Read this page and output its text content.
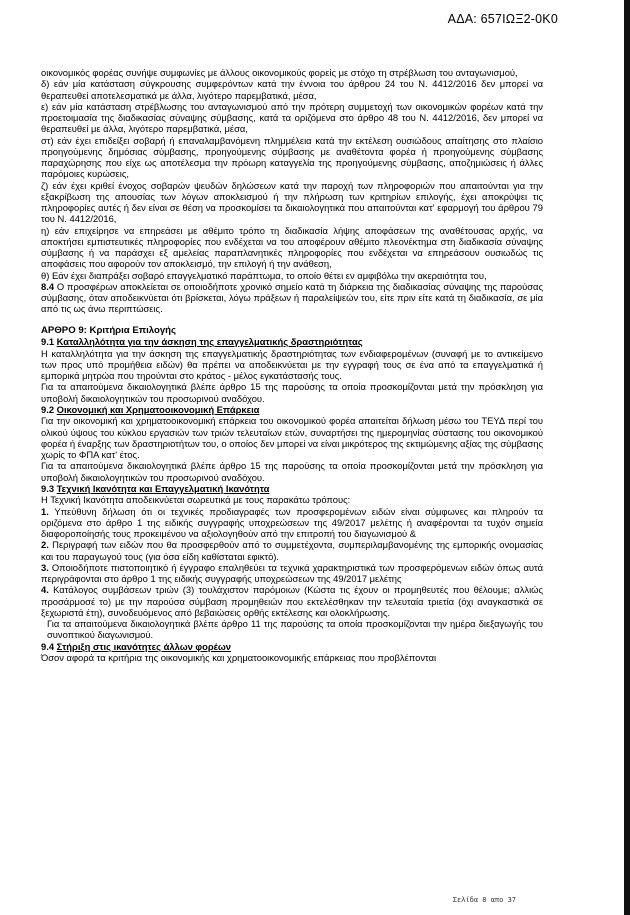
ΑΔΑ: 657ΙΩΞ2-0Κ0

οικονομικός φορέας συνήψε συμφωνίες με άλλους οικονομικούς φορείς με στόχο τη στρέβλωση του ανταγωνισμού,

δ) εάν μία κατάσταση σύγκρουσης συμφερόντων κατά την έννοια του άρθρου 24 του Ν. 4412/2016 δεν μπορεί να θεραπευθεί αποτελεσματικά με άλλα, λιγότερο παρεμβατικά, μέσα,

ε) εάν μία κατάσταση στρέβλωσης του ανταγωνισμού από την πρότερη συμμετοχή των οικονομικών φορέων κατά την προετοιμασία της διαδικασίας σύναψης σύμβασης, κατά τα οριζόμενα στο άρθρο 48 του Ν. 4412/2016, δεν μπορεί να θεραπευθεί με άλλα, λιγότερο παρεμβατικά, μέσα,

στ) εάν έχει επιδείξει σοβαρή ή επαναλαμβανόμενη πλημμέλεια κατά την εκτέλεση ουσιώδους απαίτησης στο πλαίσιο προηγούμενης δημόσιας σύμβασης, προηγούμενης σύμβασης με αναθέτοντα φορέα ή προηγούμενης σύμβασης παραχώρησης που είχε ως αποτέλεσμα την πρόωρη καταγγελία της προηγούμενης σύμβασης, αποζημιώσεις ή άλλες παρόμοιες κυρώσεις,

ζ) εάν έχει κριθεί ένοχος σοβαρών ψευδών δηλώσεων κατά την παροχή των πληροφοριών που απαιτούνται για την εξακρίβωση της απουσίας των λόγων αποκλεισμού ή την πλήρωση των κριτηρίων επιλογής, έχει αποκρύψει τις πληροφορίες αυτές ή δεν είναι σε θέση να προσκομίσει τα δικαιολογητικά που απαιτούνται κατ' εφαρμογή του άρθρου 79 του Ν. 4412/2016,

η) εάν επιχείρησε να επηρεάσει με αθέμιτο τρόπο τη διαδικασία λήψης αποφάσεων της αναθέτουσας αρχής, να αποκτήσει εμπιστευτικές πληροφορίες που ενδέχεται να του αποφέρουν αθέμιτο πλεονέκτημα στη διαδικασία σύναψης σύμβασης ή να παράσχει εξ αμελείας παραπλανητικές πληροφορίες που ενδέχεται να επηρεάσουν ουσιωδώς τις αποφάσεις που αφορούν τον αποκλεισμό, την επιλογή ή την ανάθεση,

θ) Εάν έχει διαπράξει σοβαρό επαγγελματικό παράπτωμα, το οποίο θέτει εν αμφιβόλω την ακεραιότητα του,

8.4 Ο προσφέρων αποκλείεται σε οποιοδήποτε χρονικό σημείο κατά τη διάρκεια της διαδικασίας σύναψης της παρούσας σύμβασης, όταν αποδεικνύεται ότι βρίσκεται, λόγω πράξεων ή παραλείψεών του, είτε πριν είτε κατά τη διαδικασία, σε μία από τις ως άνω περιπτώσεις.

ΑΡΘΡΟ 9: Κριτήρια Επιλογής
9.1 Καταλληλότητα για την άσκηση της επαγγελματικής δραστηριότητας

Η καταλληλότητα για την άσκηση της επαγγελματικής δραστηριότητας των ενδιαφερομένων (συναφή με το αντικείμενο των προς υπό προμήθεια ειδών) θα πρέπει να αποδεικνύεται με την εγγραφή τους σε ένα από τα επαγγελματικά ή εμπορικά μητρώα που τηρούνται στο κράτος - μέλος εγκατάστασής τους.

Για τα απαιτούμενα δικαιολογητικά βλέπε άρθρο 15 της παρούσης τα οποία προσκομίζονται μετά την πρόσκληση για υποβολή δικαιολογητικών του προσωρινού αναδόχου.

9.2 Οικονομική και Χρηματοοικονομική Επάρκεια

Για την οικονομική και χρηματοοικονομική επάρκεια του οικονομικού φορέα απαιτείται δήλωση μέσω του ΤΕΥΔ περί του ολικού ύψους του κύκλου εργασιών των τριών τελευταίων ετών, συναρτήσει της ημερομηνίας σύστασης του οικονομικού φορέα ή έναρξης των δραστηριοτήτων του, ο οποίος δεν μπορεί να είναι μικρότερος της εκτιμώμενης αξίας της σύμβασης χωρίς το ΦΠΑ κατ' έτος.

Για τα απαιτούμενα δικαιολογητικά βλέπε άρθρο 15 της παρούσης τα οποία προσκομίζονται μετά την πρόσκληση για υποβολή δικαιολογητικών του προσωρινού αναδόχου.

9.3 Τεχνική Ικανότητα και Επαγγελματική Ικανότητα

Η Τεχνική Ικανότητα αποδεικνύεται σωρευτικά με τους παρακάτω τρόπους:

1. Υπεύθυνη δήλωση ότι οι τεχνικές προδιαγραφές των προσφερομένων ειδών είναι σύμφωνες και πληρούν τα οριζόμενα στο άρθρο 1 της ειδικής συγγραφής υποχρεώσεων της 49/2017 μελέτης ή αναφέρονται τα τυχόν σημεία διαφοροποίησής τους προκειμένου να αξιολογηθούν από την επιτροπή του διαγωνισμού &

2. Περιγραφή των ειδών που θα προσφερθούν από το συμμετέχοντα, συμπεριλαμβανομένης της εμπορικής ονομασίας και του παραγωγού τους (για όσα είδη καθίσταται εφικτό).

3. Οποιοδήποτε πιστοποιητικό ή έγγραφο επαληθεύει τα τεχνικά χαρακτηριστικά των προσφερόμενων ειδών όπως αυτά περιγράφονται στο άρθρο 1 της ειδικής συγγραφής υποχρεώσεων της 49/2017 μελέτης

4. Κατάλογος συμβάσεων τριών (3) τουλάχιστον παρόμοιων (Κώστα τις έχουν οι προμηθευτές που θέλουμε; αλλιώς προσάρμοσέ το) με την παρούσα σύμβαση προμηθειών που εκτελέσθηκαν την τελευταία τριετία (όχι αναγκαστικά σε ξεχωριστά έτη), συνοδευόμενος από βεβαιώσεις ορθής εκτέλεσης και ολοκλήρωσης.

Για τα απαιτούμενα δικαιολογητικά βλέπε άρθρο 11 της παρούσης τα οποία προσκομίζονται την ημέρα διεξαγωγής του συνοπτικού διαγωνισμού.

9.4 Στήριξη στις ικανότητες άλλων φορέων

Όσον αφορά τα κριτήρια της οικονομικής και χρηματοοικονομικής επάρκειας που προβλέπονται

Σελίδα 8 απο 37
